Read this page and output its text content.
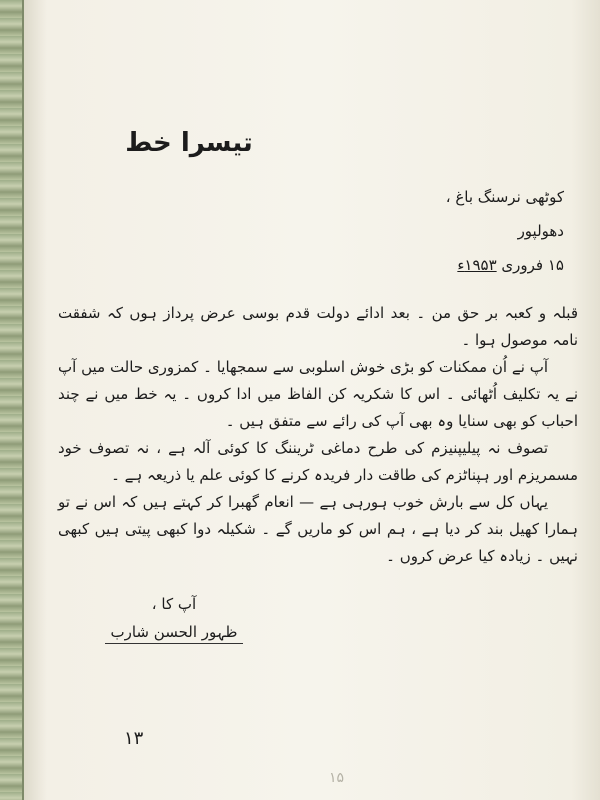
تیسرا خط
کوٹھی نرسنگ باغ ،
دھولپور
۱۵ فروری ۱۹۵۳ء

قبلہ و کعبہ بر حق من ۔ بعد ادائے دولت قدم بوسی عرض پرداز ہوں کہ شفقت نامہ موصول ہوا ۔

آپ نے اُن ممکنات کو بڑی خوش اسلوبی سے سمجھایا ۔ کمزوری حالت میں آپ نے یہ تکلیف اُٹھائی ۔ اس کا شکریہ کن الفاظ میں ادا کروں ۔ یہ خط میں نے چند احباب کو بھی سنایا وہ بھی آپ کی رائے سے متفق ہیں ۔

تصوف نہ پیلیپنیزم کی طرح دماغی ٹریننگ کا کوئی آلہ ہے ، نہ تصوف خود مسمریزم اور ہپناٹزم کی طاقت دار فریدہ کرنے کا کوئی علم یا ذریعہ ہے ۔

یہاں کل سے بارش خوب ہورہی ہے — انعام گھبرا کر کہتے ہیں کہ اس نے تو ہمارا کھیل بند کر دیا ہے ، ہم اس کو ماریں گے ۔ شکیلہ دوا کبھی پیتی ہیں کبھی نہیں ۔ زیادہ کیا عرض کروں ۔

آپ کا ،
ظہور الحسن شارب
۱۳
۱۵
